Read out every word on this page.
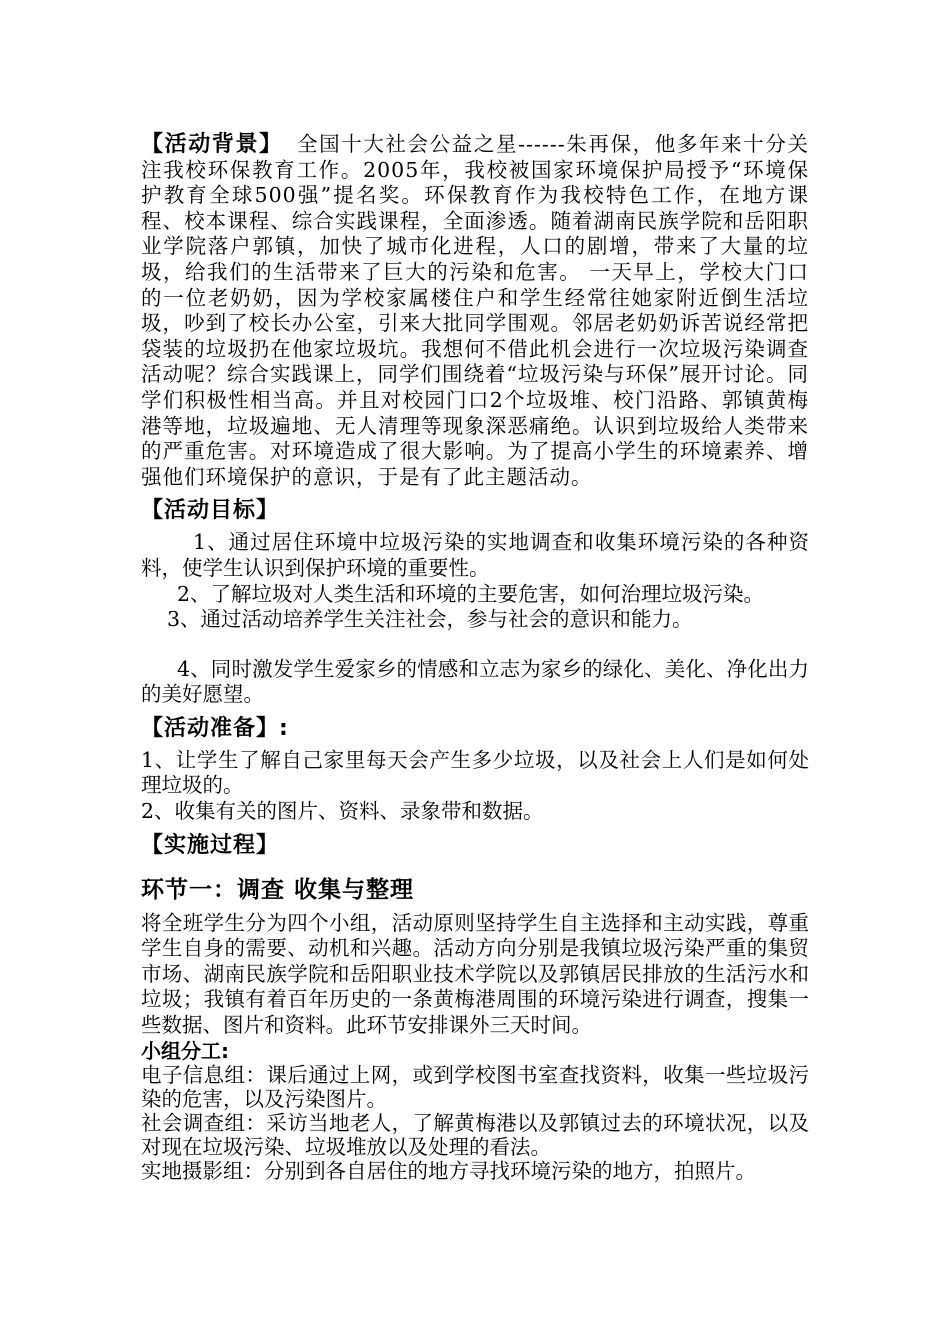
【活动背景】 全国十大社会公益之星------朱再保，他多年来十分关注我校环保教育工作。2005年，我校被国家环境保护局授予“环境保护教育全球500强”提名奖。环保教育作为我校特色工作，在地方课程、校本课程、综合实践课程，全面渗透。随着湖南民族学院和岳阳职业学院落户郭镇，加快了城市化进程，人口的剧增，带来了大量的垃圾，给我们的生活带来了巨大的污染和危害。 一天早上，学校大门口的一位老奶奶，因为学校家属楼住户和学生经常往她家附近倒生活垃圾，吵到了校长办公室，引来大批同学围观。邻居老奶奶诉苦说经常把袋装的垃圾扔在他家垃圾坑。我想何不借此机会进行一次垃圾污染调查活动呢？综合实践课上，同学们围绕着“垃圾污染与环保”展开讨论。同学们积极性相当高。并且对校园门口2个垃圾堆、校门沿路、郭镇黄梅港等地，垃圾遍地、无人清理等现象深恶痛绝。认识到垃圾给人类带来的严重危害。对环境造成了很大影响。为了提高小学生的环境素养、增强他们环境保护的意识，于是有了此主题活动。

【活动目标】

1、通过居住环境中垃圾污染的实地调查和收集环境污染的各种资料，使学生认识到保护环境的重要性。

2、了解垃圾对人类生活和环境的主要危害，如何治理垃圾污染。

3、通过活动培养学生关注社会，参与社会的意识和能力。

4、同时激发学生爱家乡的情感和立志为家乡的绿化、美化、净化出力的美好愿望。

【活动准备】:

1、让学生了解自己家里每天会产生多少垃圾，以及社会上人们是如何处理垃圾的。

2、收集有关的图片、资料、录象带和数据。

【实施过程】
环节一：调查 收集与整理

将全班学生分为四个小组，活动原则坚持学生自主选择和主动实践，尊重学生自身的需要、动机和兴趣。活动方向分别是我镇垃圾污染严重的集贸市场、湖南民族学院和岳阳职业技术学院以及郭镇居民排放的生活污水和垃圾；我镇有着百年历史的一条黄梅港周围的环境污染进行调查，搜集一些数据、图片和资料。此环节安排课外三天时间。

小组分工:

电子信息组：课后通过上网，或到学校图书室查找资料，收集一些垃圾污染的危害，以及污染图片。

社会调查组：采访当地老人，了解黄梅港以及郭镇过去的环境状况，以及对现在垃圾污染、垃圾堆放以及处理的看法。

实地摄影组：分别到各自居住的地方寻找环境污染的地方，拍照片。
